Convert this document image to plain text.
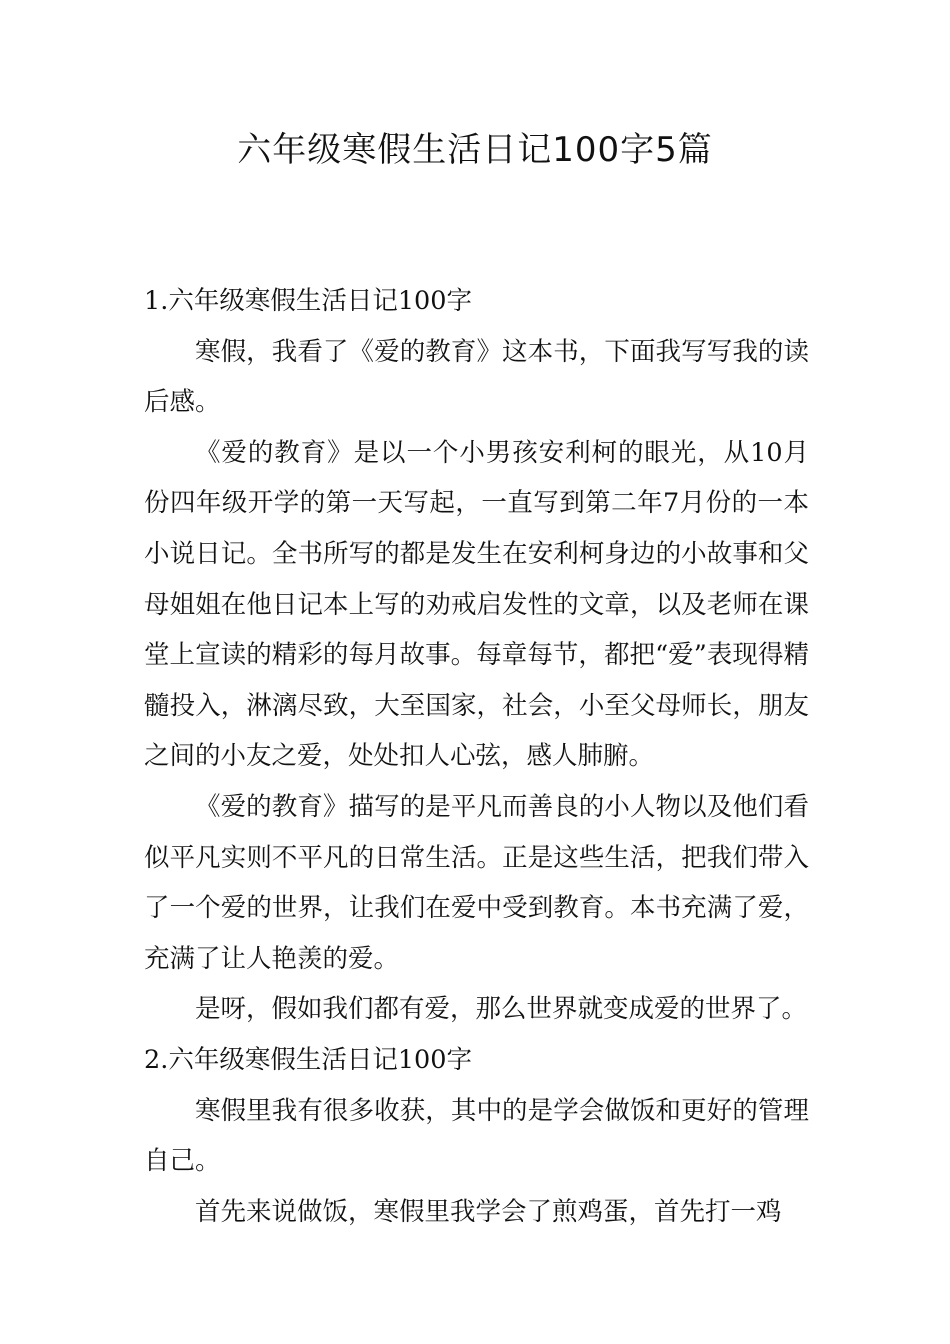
六年级寒假生活日记100字5篇

1.六年级寒假生活日记100字

寒假，我看了《爱的教育》这本书，下面我写写我的读后感。

《爱的教育》是以一个小男孩安利柯的眼光，从10月份四年级开学的第一天写起，一直写到第二年7月份的一本小说日记。全书所写的都是发生在安利柯身边的小故事和父母姐姐在他日记本上写的劝戒启发性的文章，以及老师在课堂上宣读的精彩的每月故事。每章每节，都把“爱”表现得精髓投入，淋漓尽致，大至国家，社会，小至父母师长，朋友之间的小友之爱，处处扣人心弦，感人肺腑。

《爱的教育》描写的是平凡而善良的小人物以及他们看似平凡实则不平凡的日常生活。正是这些生活，把我们带入了一个爱的世界，让我们在爱中受到教育。本书充满了爱，充满了让人艳羡的爱。

是呀，假如我们都有爱，那么世界就变成爱的世界了。

2.六年级寒假生活日记100字

寒假里我有很多收获，其中的是学会做饭和更好的管理自己。

首先来说做饭，寒假里我学会了煎鸡蛋，首先打一鸡
